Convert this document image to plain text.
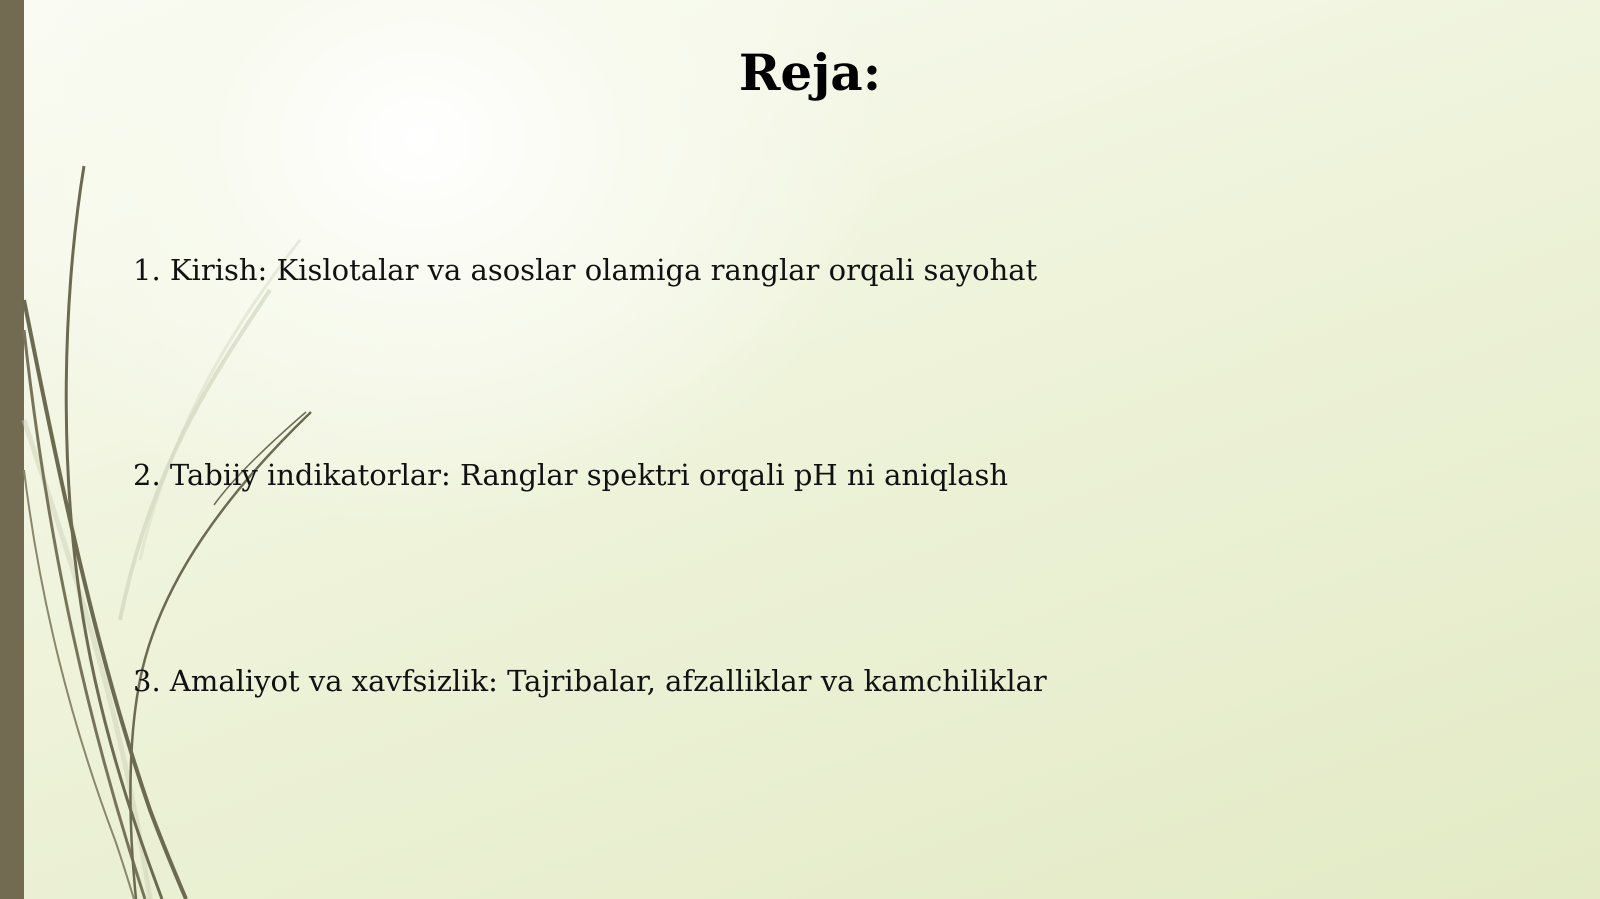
Reja:
1. Kirish: Kislotalar va asoslar olamiga ranglar orqali sayohat
2. Tabiiy indikatorlar: Ranglar spektri orqali pH ni aniqlash
3. Amaliyot va xavfsizlik: Tajribalar, afzalliklar va kamchiliklar
